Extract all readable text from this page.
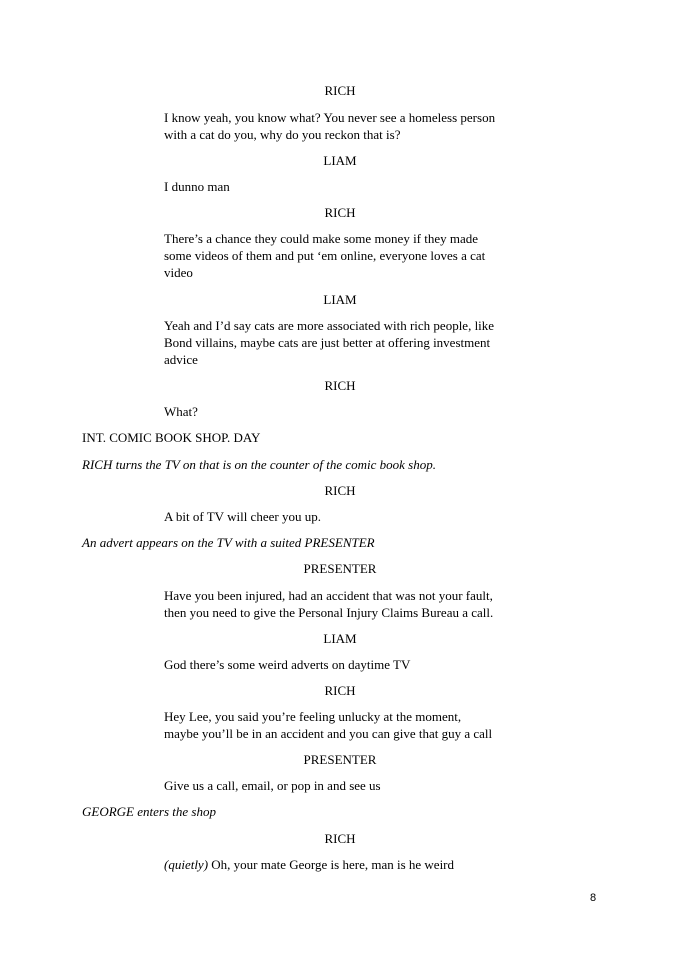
RICH
I know yeah, you know what? You never see a homeless person
with a cat do you, why do you reckon that is?
LIAM
I dunno man
RICH
There’s a chance they could make some money if they made
some videos of them and put ‘em online, everyone loves a cat
video
LIAM
Yeah and I’d say cats are more associated with rich people, like
Bond villains, maybe cats are just better at offering investment
advice
RICH
What?
INT. COMIC BOOK SHOP. DAY
RICH turns the TV on that is on the counter of the comic book shop.
RICH
A bit of TV will cheer you up.
An advert appears on the TV with a suited PRESENTER
PRESENTER
Have you been injured, had an accident that was not your fault,
then you need to give the Personal Injury Claims Bureau a call.
LIAM
God there’s some weird adverts on daytime TV
RICH
Hey Lee, you said you’re feeling unlucky at the moment,
maybe you’ll be in an accident and you can give that guy a call
PRESENTER
Give us a call, email, or pop in and see us
GEORGE enters the shop
RICH
(quietly) Oh, your mate George is here, man is he weird
8
